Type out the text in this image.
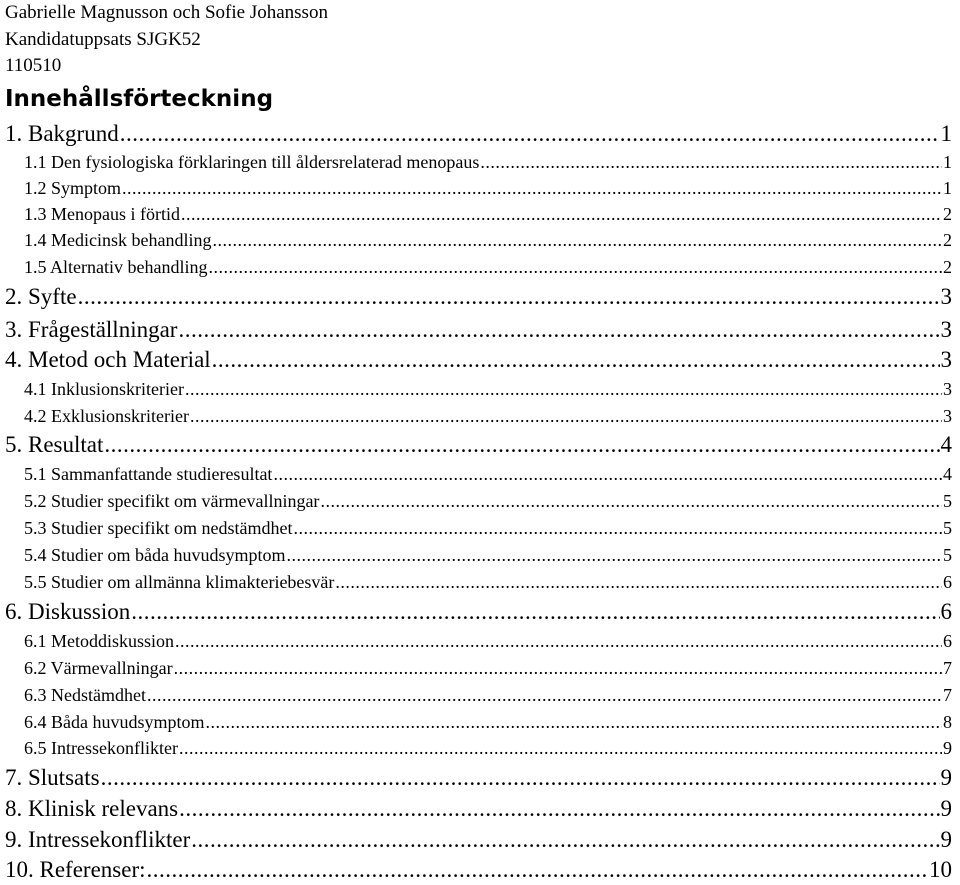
Gabrielle Magnusson och Sofie Johansson
Kandidatuppsats SJGK52
110510
Innehållsförteckning
1. Bakgrund .....	1
1.1 Den fysiologiska förklaringen till åldersrelaterad menopaus .....	1
1.2 Symptom .....	1
1.3 Menopaus i förtid .....	2
1.4 Medicinsk behandling .....	2
1.5 Alternativ behandling .....	2
2. Syfte .....	3
3. Frågeställningar .....	3
4. Metod och Material .....	3
4.1 Inklusionskriterier .....	3
4.2 Exklusionskriterier .....	3
5. Resultat .....	4
5.1 Sammanfattande studieresultat .....	4
5.2 Studier specifikt om värmevallningar .....	5
5.3 Studier specifikt om nedstämdhet .....	5
5.4 Studier om båda huvudsymptom .....	5
5.5 Studier om allmänna klimakteriebesvär .....	6
6. Diskussion .....	6
6.1 Metoddiskussion .....	6
6.2 Värmevallningar .....	7
6.3 Nedstämdhet .....	7
6.4 Båda huvudsymptom .....	8
6.5 Intressekonflikter .....	9
7. Slutsats .....	9
8. Klinisk relevans .....	9
9. Intressekonflikter .....	9
10. Referenser: .....	10
